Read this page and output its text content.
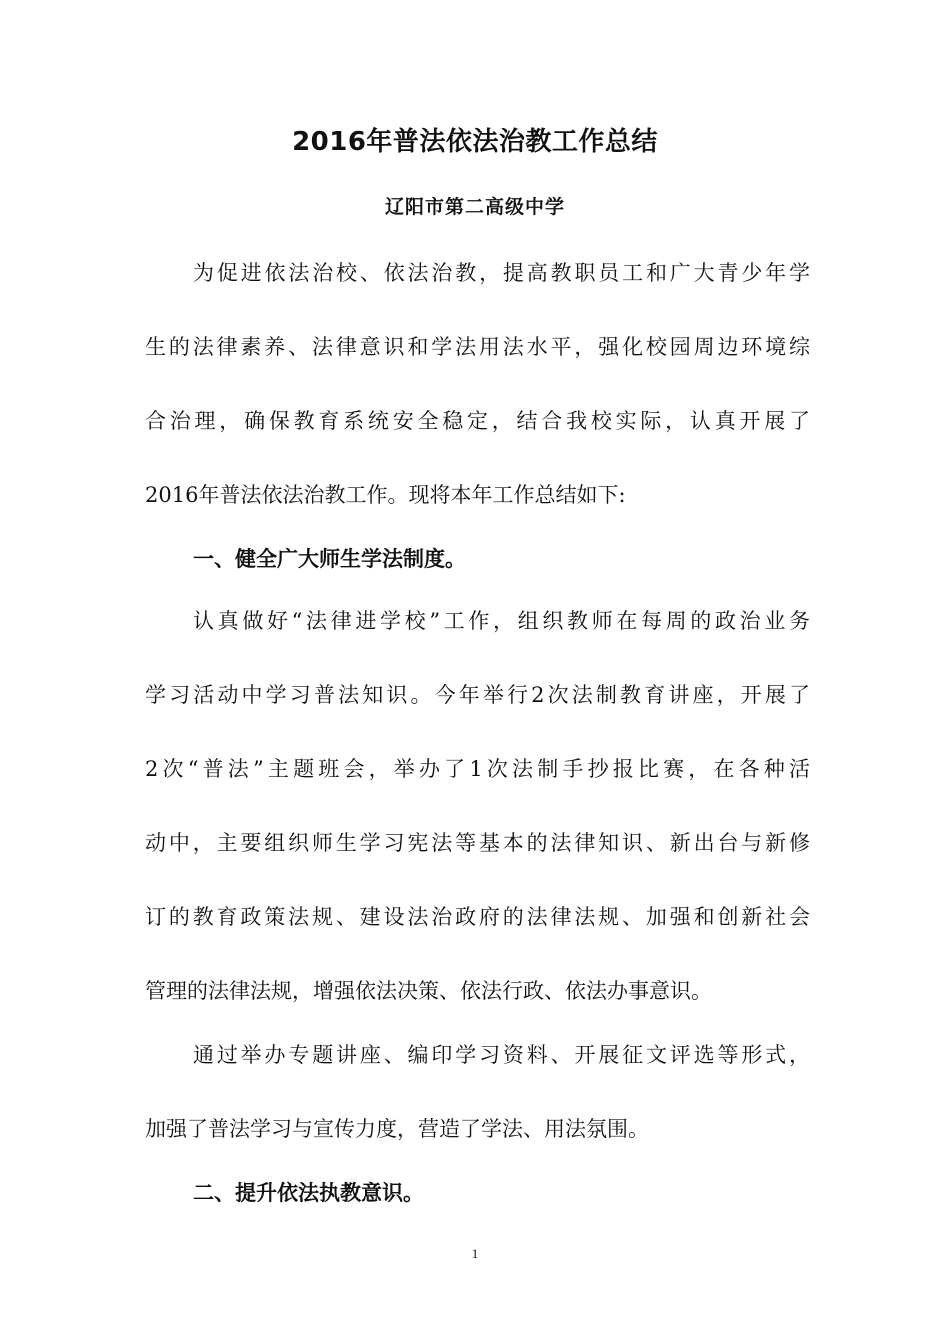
2016年普法依法治教工作总结
辽阳市第二高级中学
为促进依法治校、依法治教，提高教职员工和广大青少年学
生的法律素养、法律意识和学法用法水平，强化校园周边环境综
合治理，确保教育系统安全稳定，结合我校实际，认真开展了
2016年普法依法治教工作。现将本年工作总结如下:
一、健全广大师生学法制度。
认真做好“法律进学校”工作，组织教师在每周的政治业务
学习活动中学习普法知识。今年举行2次法制教育讲座，开展了
2次“普法”主题班会，举办了1次法制手抄报比赛，在各种活
动中，主要组织师生学习宪法等基本的法律知识、新出台与新修
订的教育政策法规、建设法治政府的法律法规、加强和创新社会
管理的法律法规，增强依法决策、依法行政、依法办事意识。
通过举办专题讲座、编印学习资料、开展征文评选等形式，
加强了普法学习与宣传力度，营造了学法、用法氛围。
二、提升依法执教意识。
1
